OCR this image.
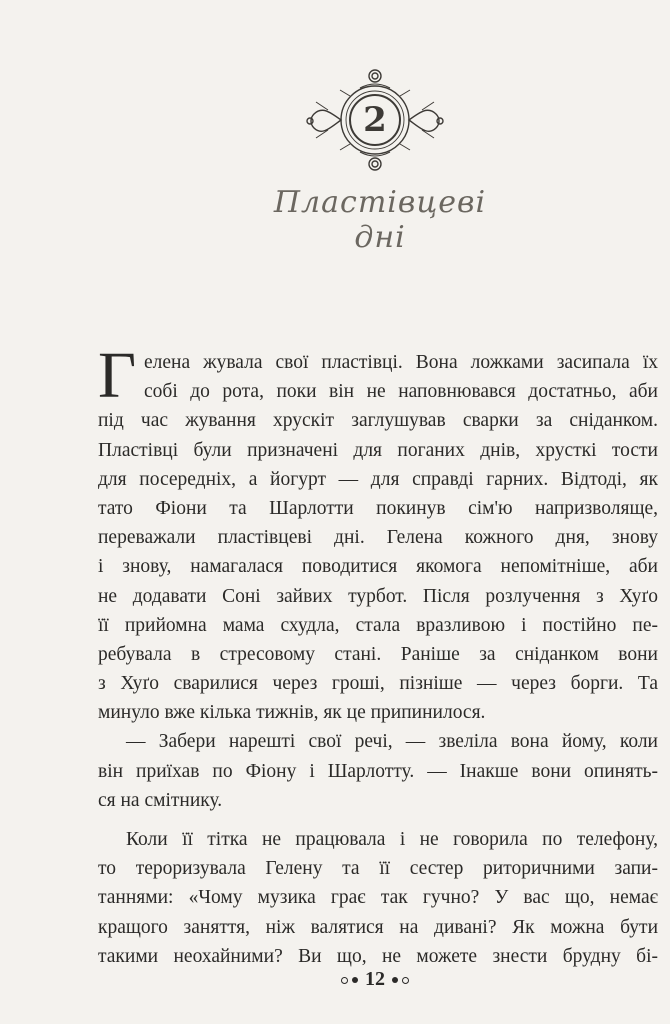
2
Пластівцеві дні
Г елена жувала свої пластівці. Вона ложками засипала їх
собі до рота, поки він не наповнювався достатньо, аби
під час жування хрускіт заглушував сварки за сніданком.
Пластівці були призначені для поганих днів, хрусткі тости
для посередніх, а йогурт — для справді гарних. Відтоді, як
тато Фіони та Шарлотти покинув сім'ю напризволяще,
переважали пластівцеві дні. Гелена кожного дня, знову
і знову, намагалася поводитися якомога непомітніше, аби
не додавати Соні зайвих турбот. Після розлучення з Хуґо
її прийомна мама схудла, стала вразливою і постійно пе-
ребувала в стресовому стані. Раніше за сніданком вони
з Хуґо сварилися через гроші, пізніше — через борги. Та
минуло вже кілька тижнів, як це припинилося.
— Забери нарешті свої речі, — звеліла вона йому, коли
він приїхав по Фіону і Шарлотту. — Інакше вони опинять-
ся на смітнику.
Коли її тітка не працювала і не говорила по телефону,
то тероризувала Гелену та її сестер риторичними запи-
таннями: «Чому музика грає так гучно? У вас що, немає
кращого заняття, ніж валятися на дивані? Як можна бути
такими неохайними? Ви що, не можете знести брудну бі-
12
